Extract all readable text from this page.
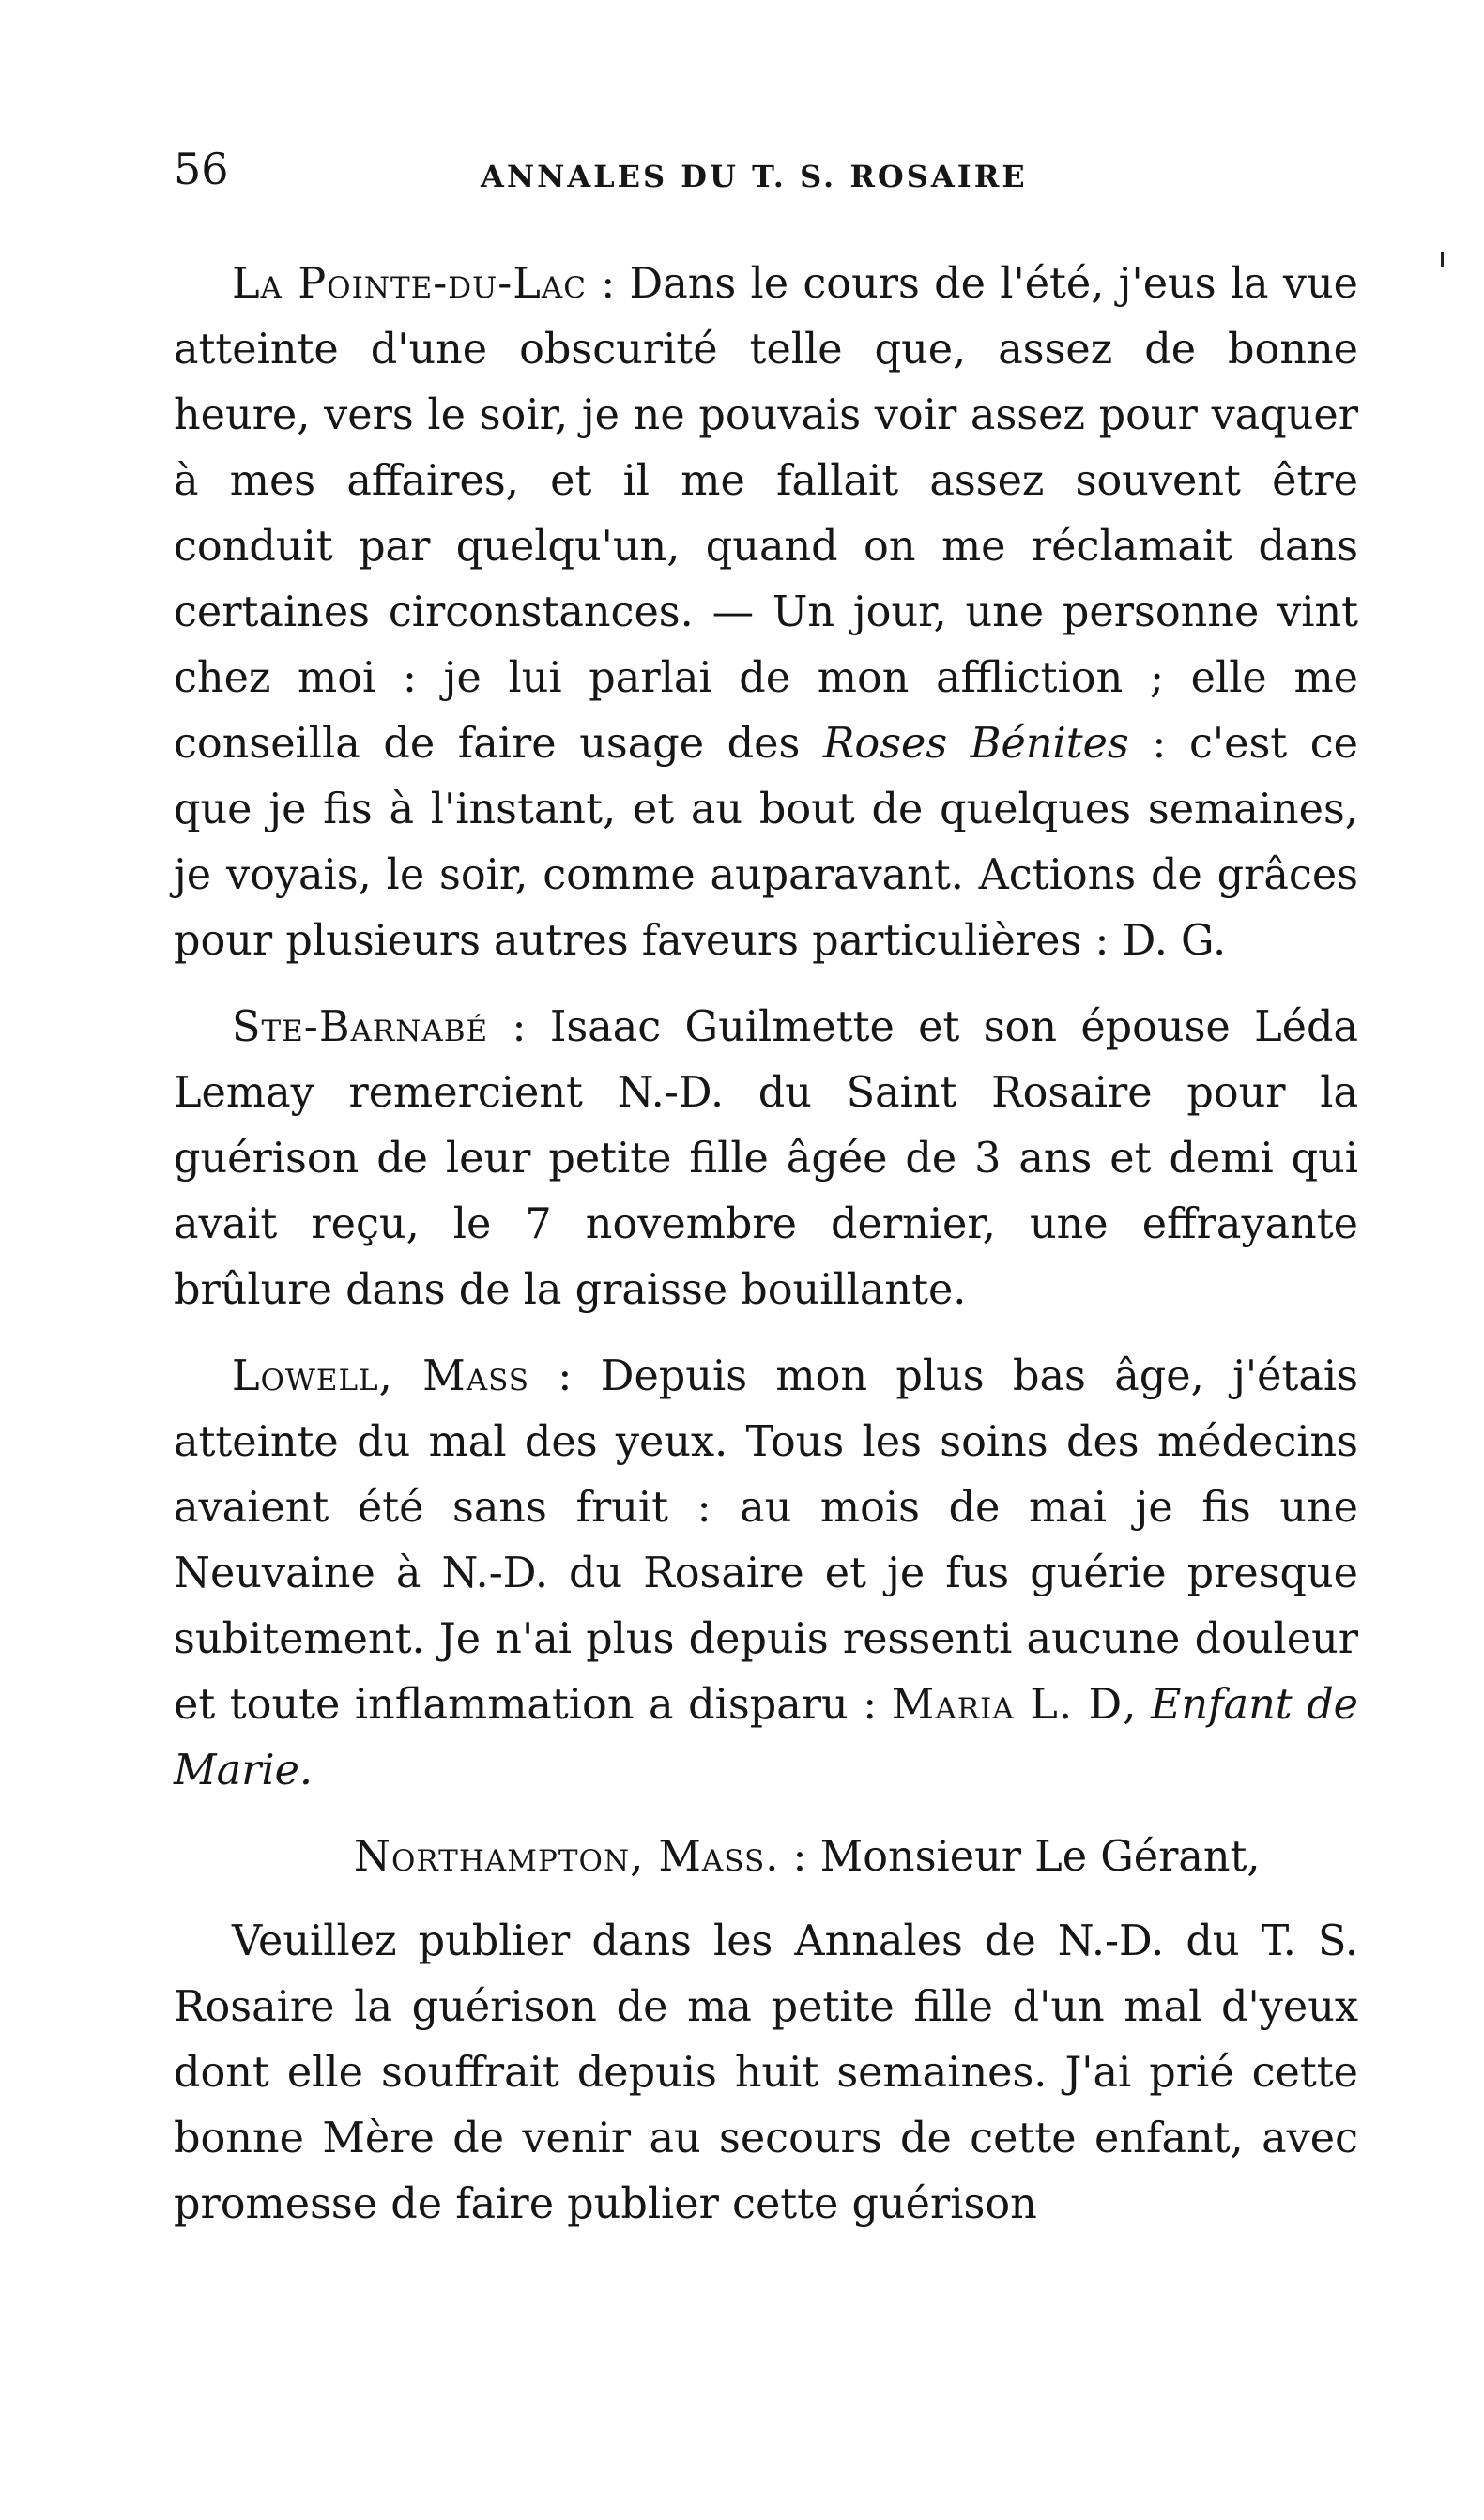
56	ANNALES DU T. S. ROSAIRE

La Pointe-du-Lac : Dans le cours de l'été, j'eus la vue atteinte d'une obscurité telle que, assez de bonne heure, vers le soir, je ne pouvais voir assez pour vaquer à mes affaires, et il me fallait assez souvent être conduit par quelqu'un, quand on me réclamait dans certaines circonstances. — Un jour, une personne vint chez moi : je lui parlai de mon affliction ; elle me conseilla de faire usage des Roses Bénites : c'est ce que je fis à l'instant, et au bout de quelques semaines, je voyais, le soir, comme auparavant. Actions de grâces pour plusieurs autres faveurs particulières : D. G.

Ste-Barnabé : Isaac Guilmette et son épouse Léda Lemay remercient N.-D. du Saint Rosaire pour la guérison de leur petite fille âgée de 3 ans et demi qui avait reçu, le 7 novembre dernier, une effrayante brûlure dans de la graisse bouillante.

Lowell, Mass : Depuis mon plus bas âge, j'étais atteinte du mal des yeux. Tous les soins des médecins avaient été sans fruit : au mois de mai je fis une Neuvaine à N.-D. du Rosaire et je fus guérie presque subitement. Je n'ai plus depuis ressenti aucune douleur et toute inflammation a disparu : Maria L. D, Enfant de Marie.

Northampton, Mass. : Monsieur Le Gérant,

Veuillez publier dans les Annales de N.-D. du T. S. Rosaire la guérison de ma petite fille d'un mal d'yeux dont elle souffrait depuis huit semaines. J'ai prié cette bonne Mère de venir au secours de cette enfant, avec promesse de faire publier cette guérison
